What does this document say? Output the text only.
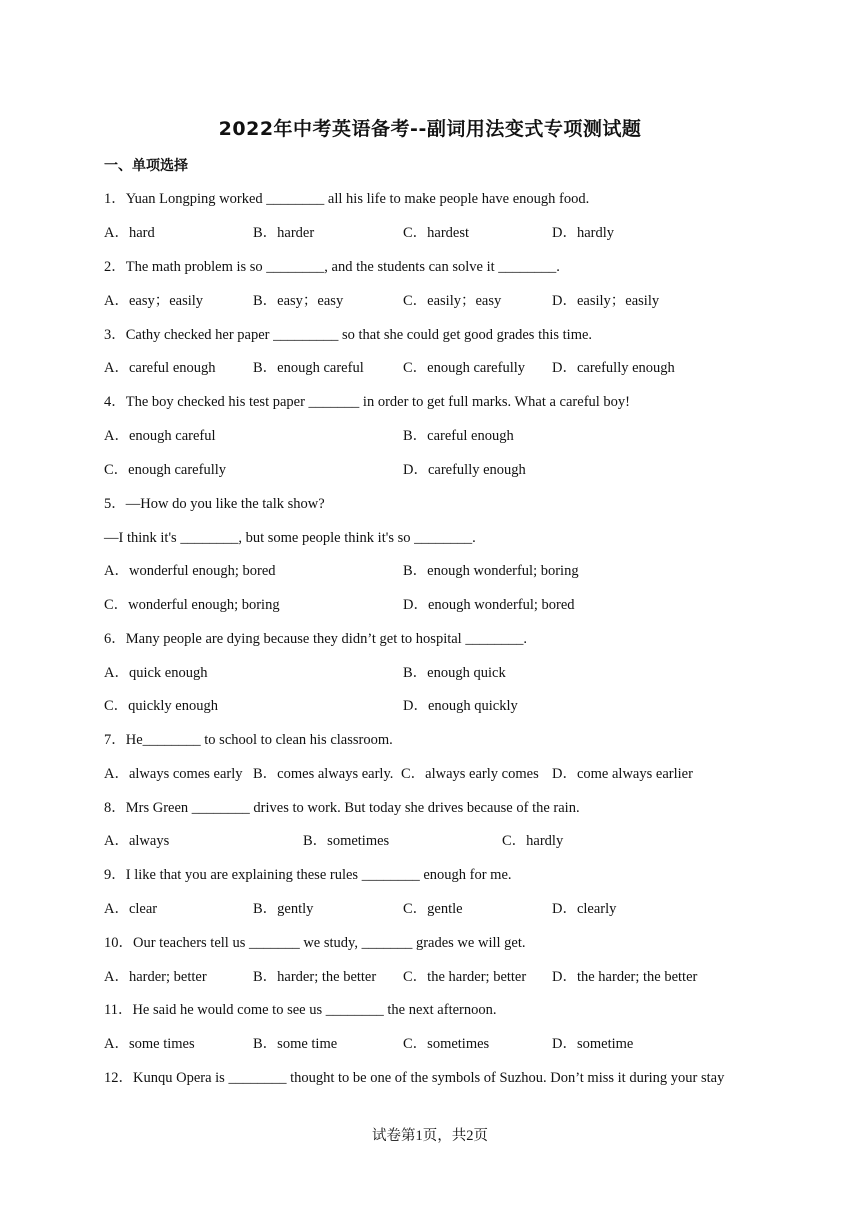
2022年中考英语备考--副词用法变式专项测试题
一、单项选择
1．Yuan Longping worked ________ all his life to make people have enough food.
A．hard	B．harder	C．hardest	D．hardly
2．The math problem is so ________, and the students can solve it ________.
A．easy；easily	B．easy；easy	C．easily；easy	D．easily；easily
3．Cathy checked her paper _________ so that she could get good grades this time.
A．careful enough	B．enough careful	C．enough carefully D．carefully enough
4．The boy checked his test paper _______ in order to get full marks. What a careful boy!
A．enough careful	B．careful enough
C．enough carefully	D．carefully enough
5．—How do you like the talk show?
—I think it's ________, but some people think it's so ________.
A．wonderful enough; bored	B．enough wonderful; boring
C．wonderful enough; boring	D．enough wonderful; bored
6．Many people are dying because they didn’t get to hospital ________.
A．quick enough	B．enough quick
C．quickly enough	D．enough quickly
7．He________ to school to clean his classroom.
A．always comes early B．comes always early. C．always early comes D．come always earlier
8．Mrs Green ________ drives to work. But today she drives because of the rain.
A．always	B．sometimes	C．hardly
9．I like that you are explaining these rules ________ enough for me.
A．clear	B．gently	C．gentle	D．clearly
10．Our teachers tell us _______ we study, _______ grades we will get.
A．harder; better	B．harder; the better C．the harder; better D．the harder; the better
11．He said he would come to see us ________ the next afternoon.
A．some times	B．some time	C．sometimes	D．sometime
12．Kunqu Opera is ________ thought to be one of the symbols of Suzhou. Don’t miss it during your stay
试卷第1页，共2页
